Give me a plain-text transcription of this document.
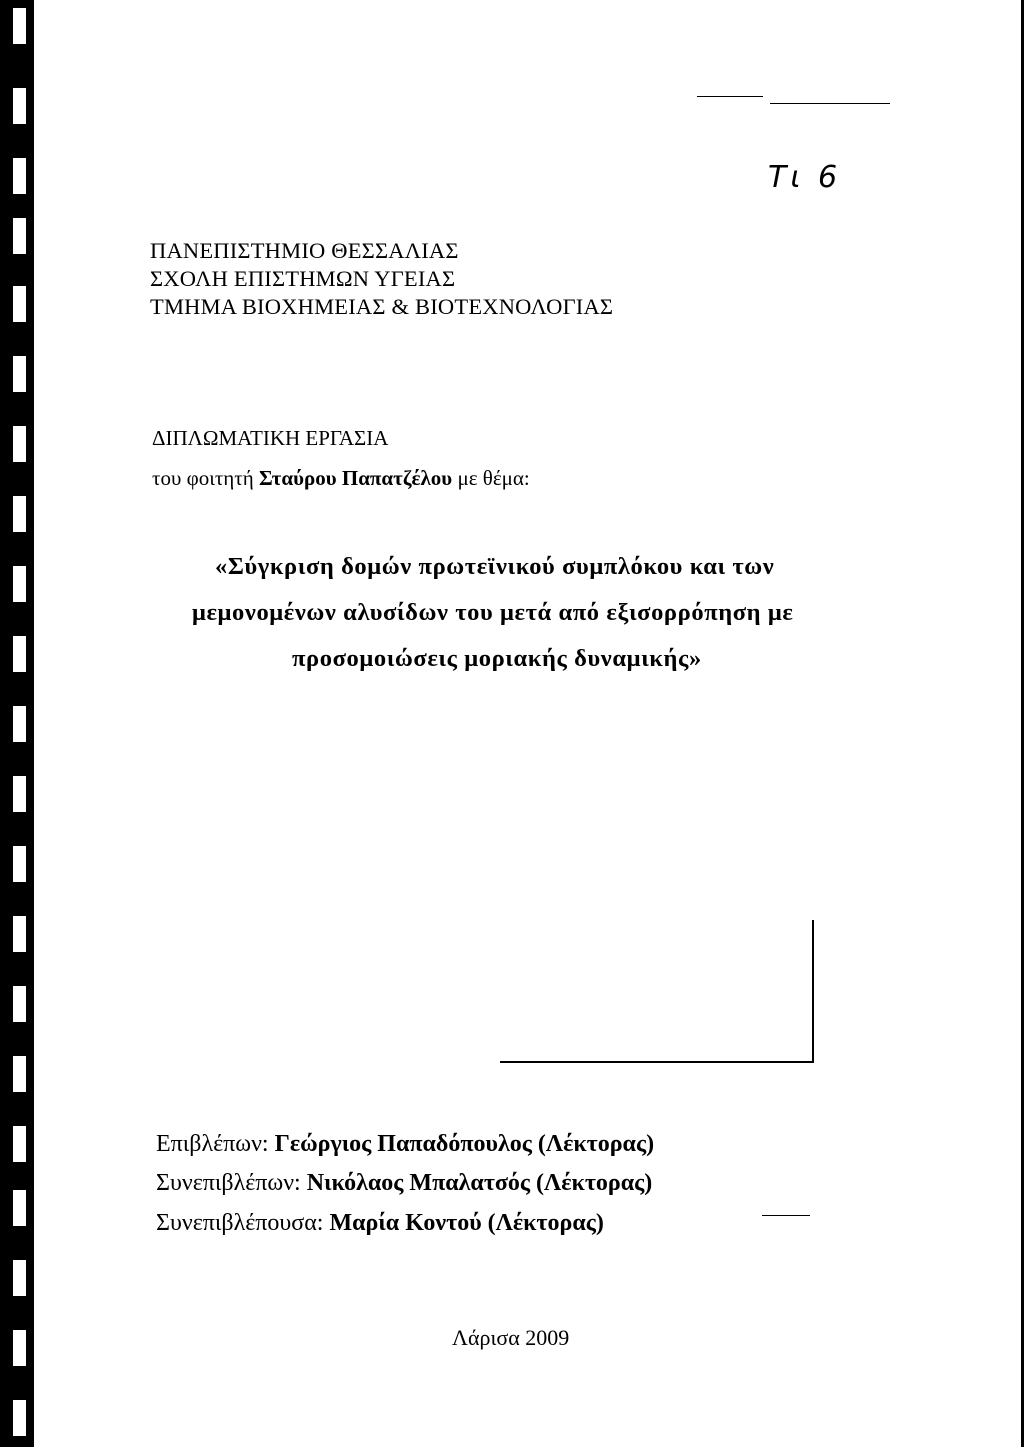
Τι 6
ΠΑΝΕΠΙΣΤΗΜΙΟ ΘΕΣΣΑΛΙΑΣ
ΣΧΟΛΗ ΕΠΙΣΤΗΜΩΝ ΥΓΕΙΑΣ
ΤΜΗΜΑ ΒΙΟΧΗΜΕΙΑΣ & ΒΙΟΤΕΧΝΟΛΟΓΙΑΣ
ΔΙΠΛΩΜΑΤΙΚΗ ΕΡΓΑΣΙΑ
του φοιτητή Σταύρου Παπατζέλου με θέμα:
«Σύγκριση δομών πρωτεϊνικού συμπλόκου και των
μεμονομένων αλυσίδων του μετά από εξισορρόπηση με
προσομοιώσεις μοριακής δυναμικής»
Επιβλέπων: Γεώργιος Παπαδόπουλος (Λέκτορας)
Συνεπιβλέπων: Νικόλαος Μπαλατσός (Λέκτορας)
Συνεπιβλέπουσα: Μαρία Κοντού (Λέκτορας)
Λάρισα 2009
